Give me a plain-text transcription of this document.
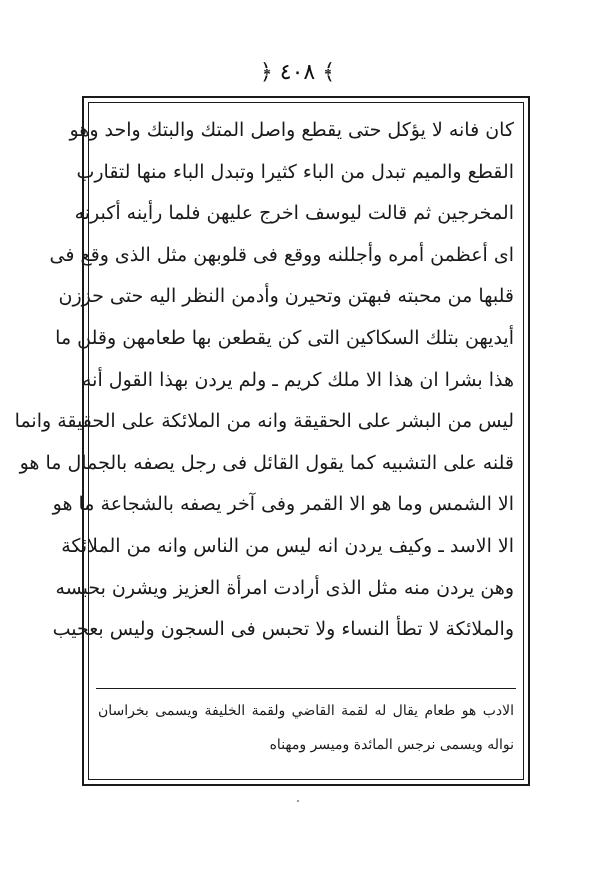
﴿ ٤٠٨ ﴾
كان فانه لا يؤكل حتى يقطع واصل المتك والبتك واحد وهو
القطع والميم تبدل من الباء كثيرا وتبدل الباء منها لتقارب
المخرجين ثم قالت ليوسف اخرج عليهن فلما رأينه أكبرنه
اى أعظمن أمره وأجللنه ووقع فى قلوبهن مثل الذى وقع فى
قلبها من محبته فبهتن وتحيرن وأدمن النظر اليه حتى حززن
أيديهن بتلك السكاكين التى كن يقطعن بها طعامهن وقلن ما
هذا بشرا ان هذا الا ملك كريم ـ ولم يردن بهذا القول أنه
ليس من البشر على الحقيقة وانه من الملائكة على الحقيقة وانما
قلنه على التشبيه كما يقول القائل فى رجل يصفه بالجمال ما هو
الا الشمس وما هو الا القمر وفى آخر يصفه بالشجاعة ما هو
الا الاسد ـ وكيف يردن انه ليس من الناس وانه من الملائكة
وهن يردن منه مثل الذى أرادت امرأة العزيز ويشرن بحبسه
والملائكة لا تطأ النساء ولا تحبس فى السجون وليس بعجيب
الادب هو طعام يقال له لقمة القاضي ولقمة الخليفة ويسمى بخراسان
نواله ويسمى نرجس المائدة وميسر ومهناه
